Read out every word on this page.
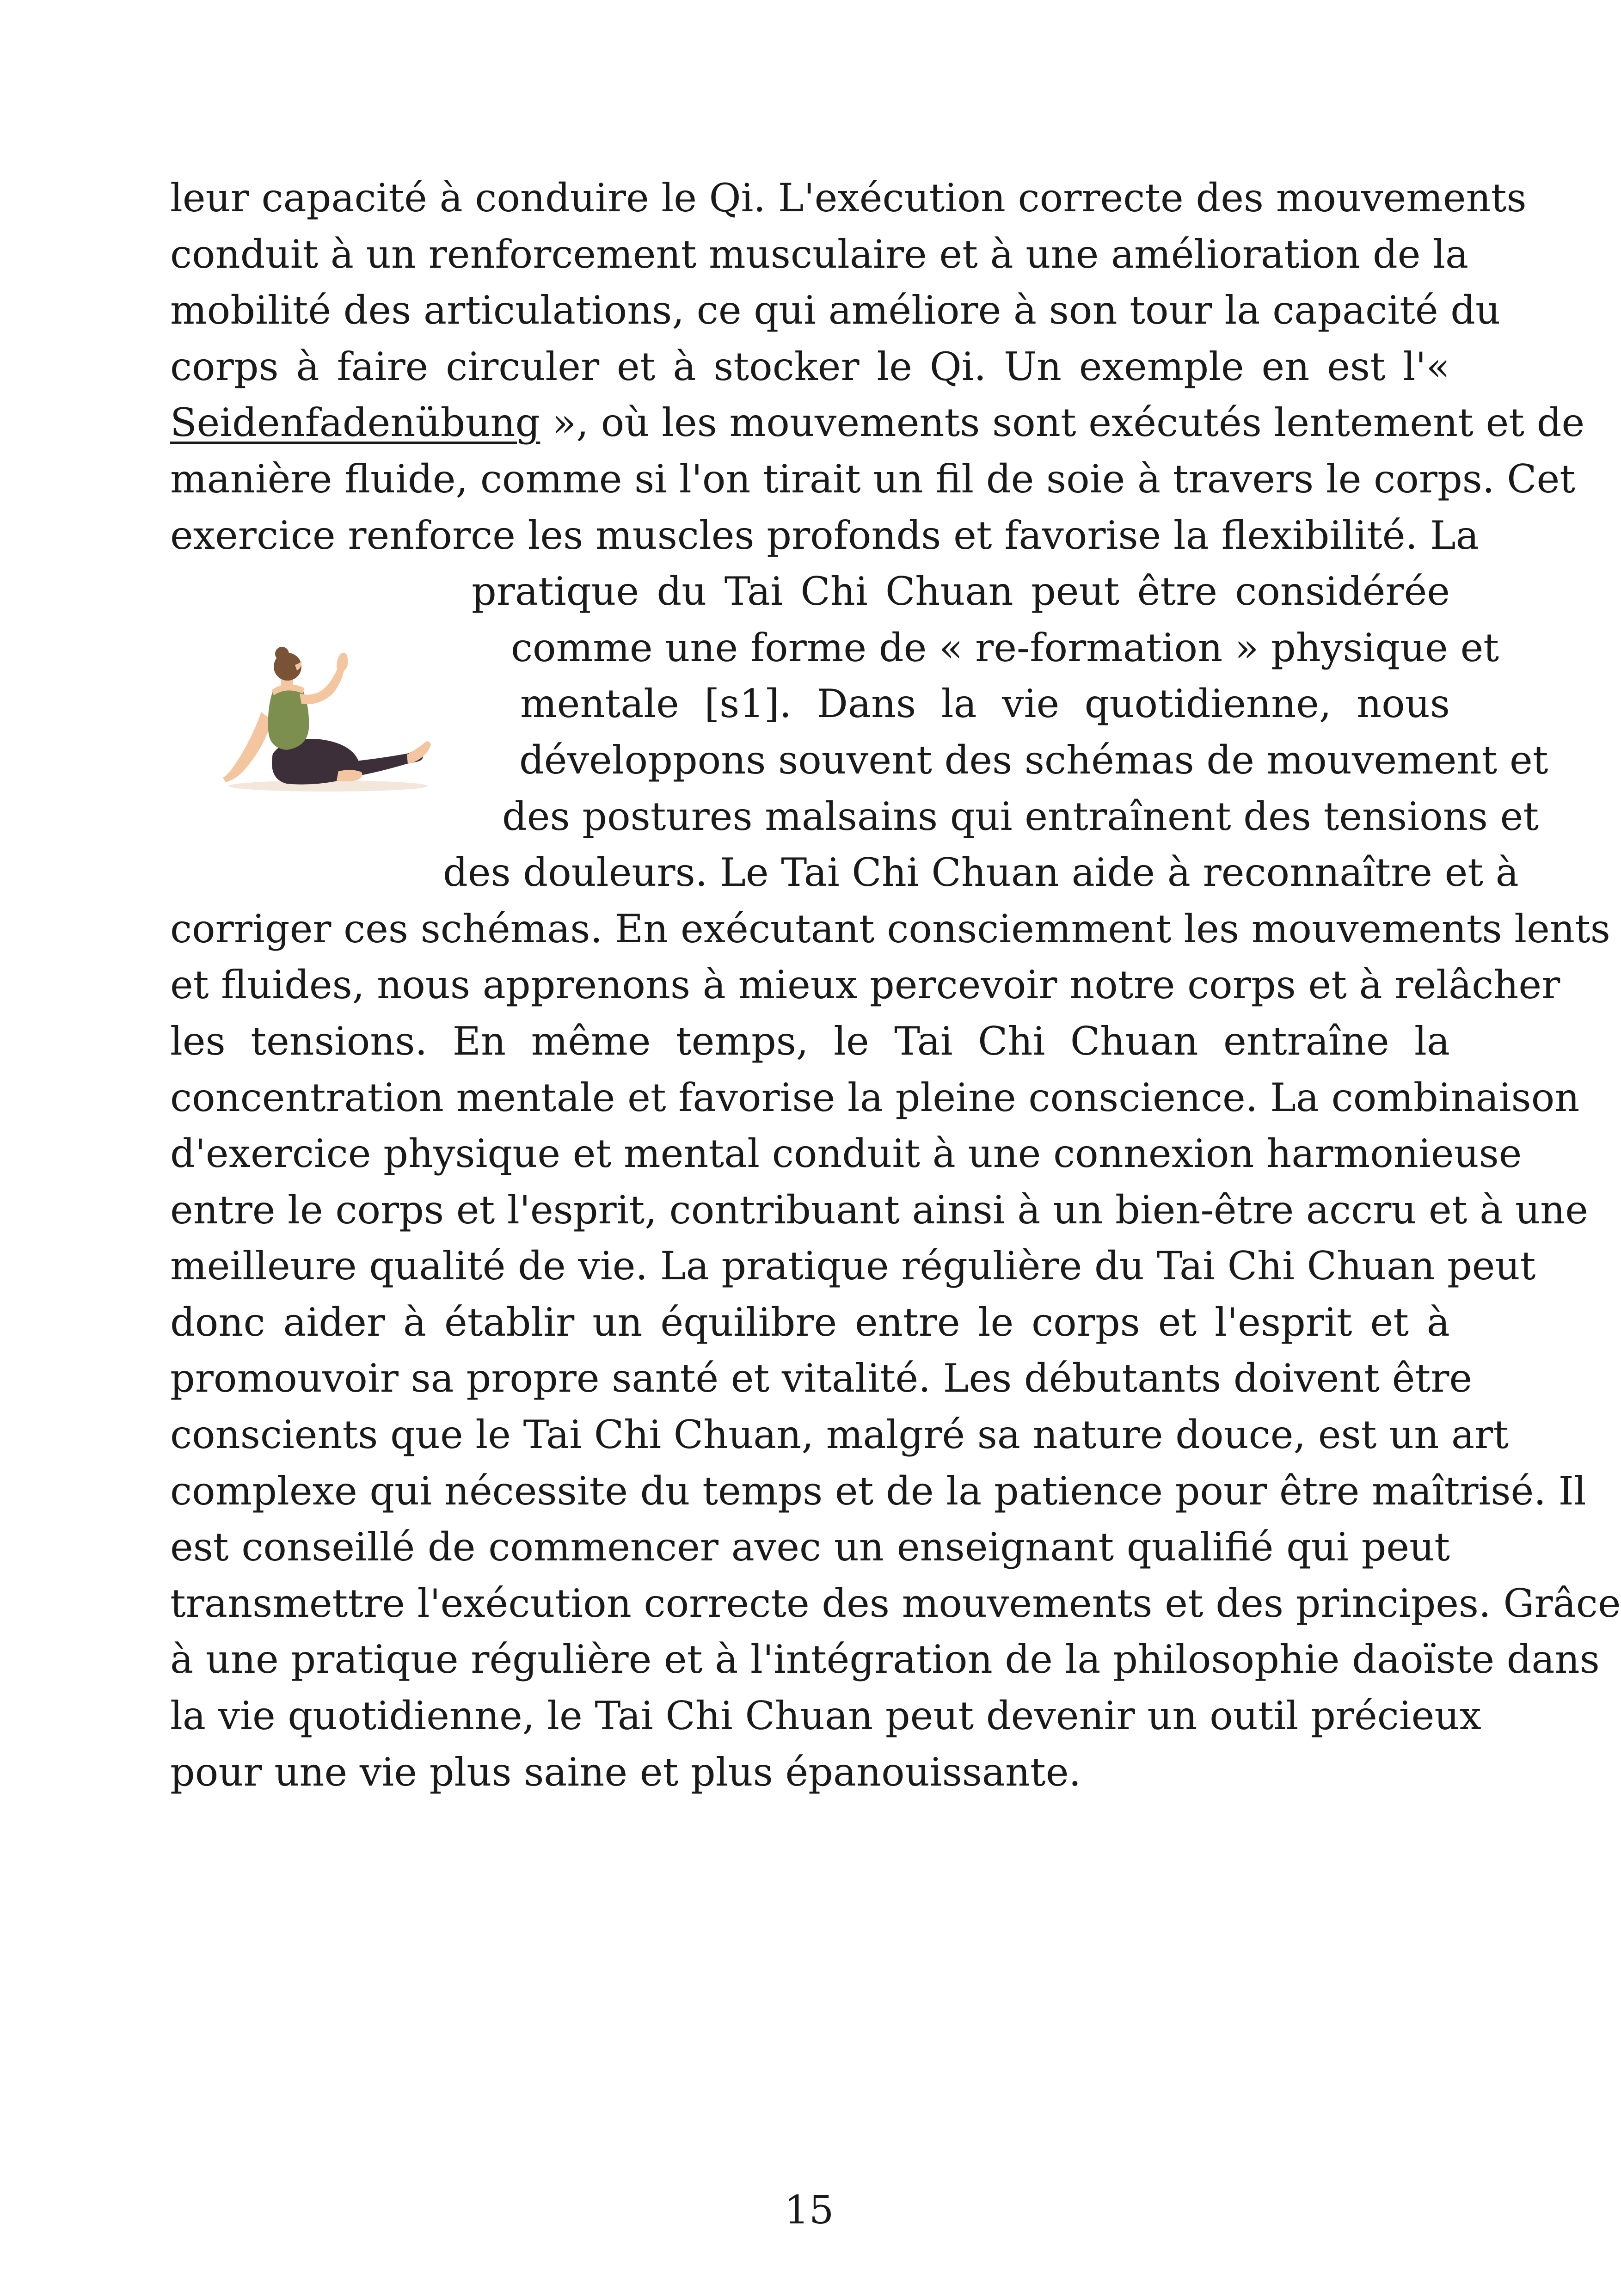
leur capacité à conduire le Qi. L'exécution correcte des mouvements
conduit à un renforcement musculaire et à une amélioration de la
mobilité des articulations, ce qui améliore à son tour la capacité du
corps à faire circuler et à stocker le Qi. Un exemple en est l'«
Seidenfadenübung », où les mouvements sont exécutés lentement et de
manière fluide, comme si l'on tirait un fil de soie à travers le corps. Cet
exercice renforce les muscles profonds et favorise la flexibilité. La
pratique du Tai Chi Chuan peut être considérée
comme une forme de « re-formation » physique et
mentale [s1]. Dans la vie quotidienne, nous
développons souvent des schémas de mouvement et
des postures malsains qui entraînent des tensions et
des douleurs. Le Tai Chi Chuan aide à reconnaître et à
corriger ces schémas. En exécutant consciemment les mouvements lents
et fluides, nous apprenons à mieux percevoir notre corps et à relâcher
les tensions. En même temps, le Tai Chi Chuan entraîne la
concentration mentale et favorise la pleine conscience. La combinaison
d'exercice physique et mental conduit à une connexion harmonieuse
entre le corps et l'esprit, contribuant ainsi à un bien-être accru et à une
meilleure qualité de vie. La pratique régulière du Tai Chi Chuan peut
donc aider à établir un équilibre entre le corps et l'esprit et à
promouvoir sa propre santé et vitalité. Les débutants doivent être
conscients que le Tai Chi Chuan, malgré sa nature douce, est un art
complexe qui nécessite du temps et de la patience pour être maîtrisé. Il
est conseillé de commencer avec un enseignant qualifié qui peut
transmettre l'exécution correcte des mouvements et des principes. Grâce
à une pratique régulière et à l'intégration de la philosophie daoïste dans
la vie quotidienne, le Tai Chi Chuan peut devenir un outil précieux
pour une vie plus saine et plus épanouissante.
15
